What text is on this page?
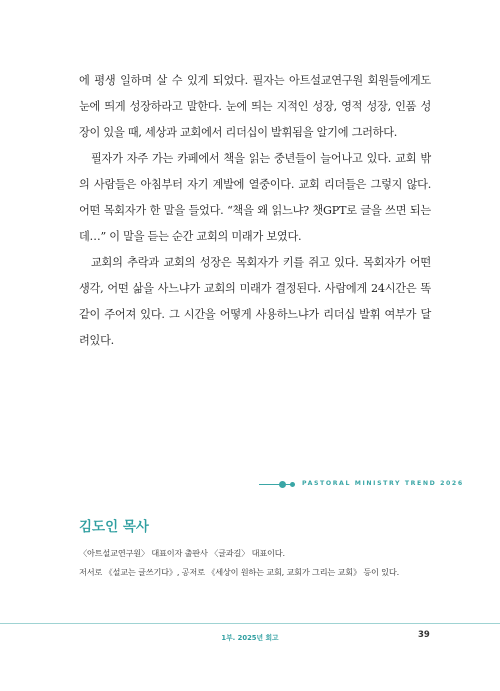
에 평생 일하며 살 수 있게 되었다. 필자는 아트설교연구원 회원들에게도 눈에 띄게 성장하라고 말한다. 눈에 띄는 지적인 성장, 영적 성장, 인품 성장이 있을 때, 세상과 교회에서 리더십이 발휘됨을 알기에 그러하다.

필자가 자주 가는 카페에서 책을 읽는 중년들이 늘어나고 있다. 교회 밖의 사람들은 아침부터 자기 계발에 열중이다. 교회 리더들은 그렇지 않다. 어떤 목회자가 한 말을 들었다. “책을 왜 읽느냐? 챗GPT로 글을 쓰면 되는데…” 이 말을 듣는 순간 교회의 미래가 보였다.

교회의 추락과 교회의 성장은 목회자가 키를 쥐고 있다. 목회자가 어떤 생각, 어떤 삶을 사느냐가 교회의 미래가 결정된다. 사람에게 24시간은 똑같이 주어져 있다. 그 시간을 어떻게 사용하느냐가 리더십 발휘 여부가 달려있다.

PASTORAL MINISTRY TREND 2026
김도인 목사
〈아트설교연구원〉 대표이자 출판사 〈글과길〉 대표이다.
저서로 《설교는 글쓰기다》, 공저로 《세상이 원하는 교회, 교회가 그리는 교회》 등이 있다.
1부. 2025년 회고	39
